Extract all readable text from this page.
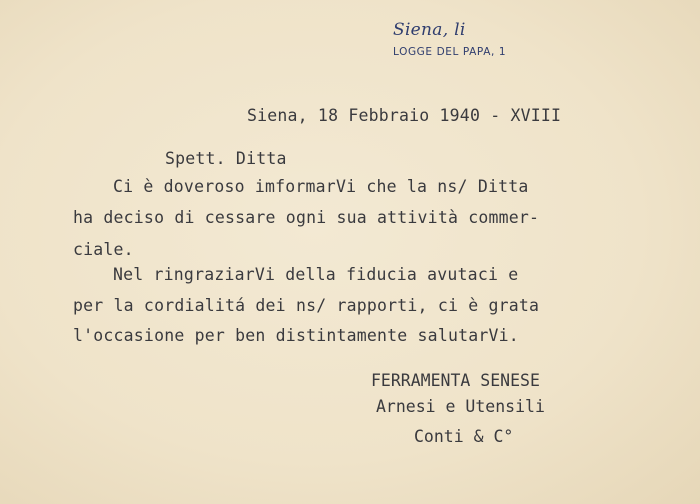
Siena, li
LOGGE DEL PAPA, 1
Siena, 18 Febbraio 1940 - XVIII
Spett. Ditta
Ci è doveroso imformarVi che la ns/ Ditta
ha deciso di cessare ogni sua attività commer-
ciale.
Nel ringraziarVi della fiducia avutaci e
per la cordialitá dei ns/ rapporti, ci è grata
l'occasione per ben distintamente salutarVi.
FERRAMENTA SENESE
Arnesi e Utensili
Conti & C°
